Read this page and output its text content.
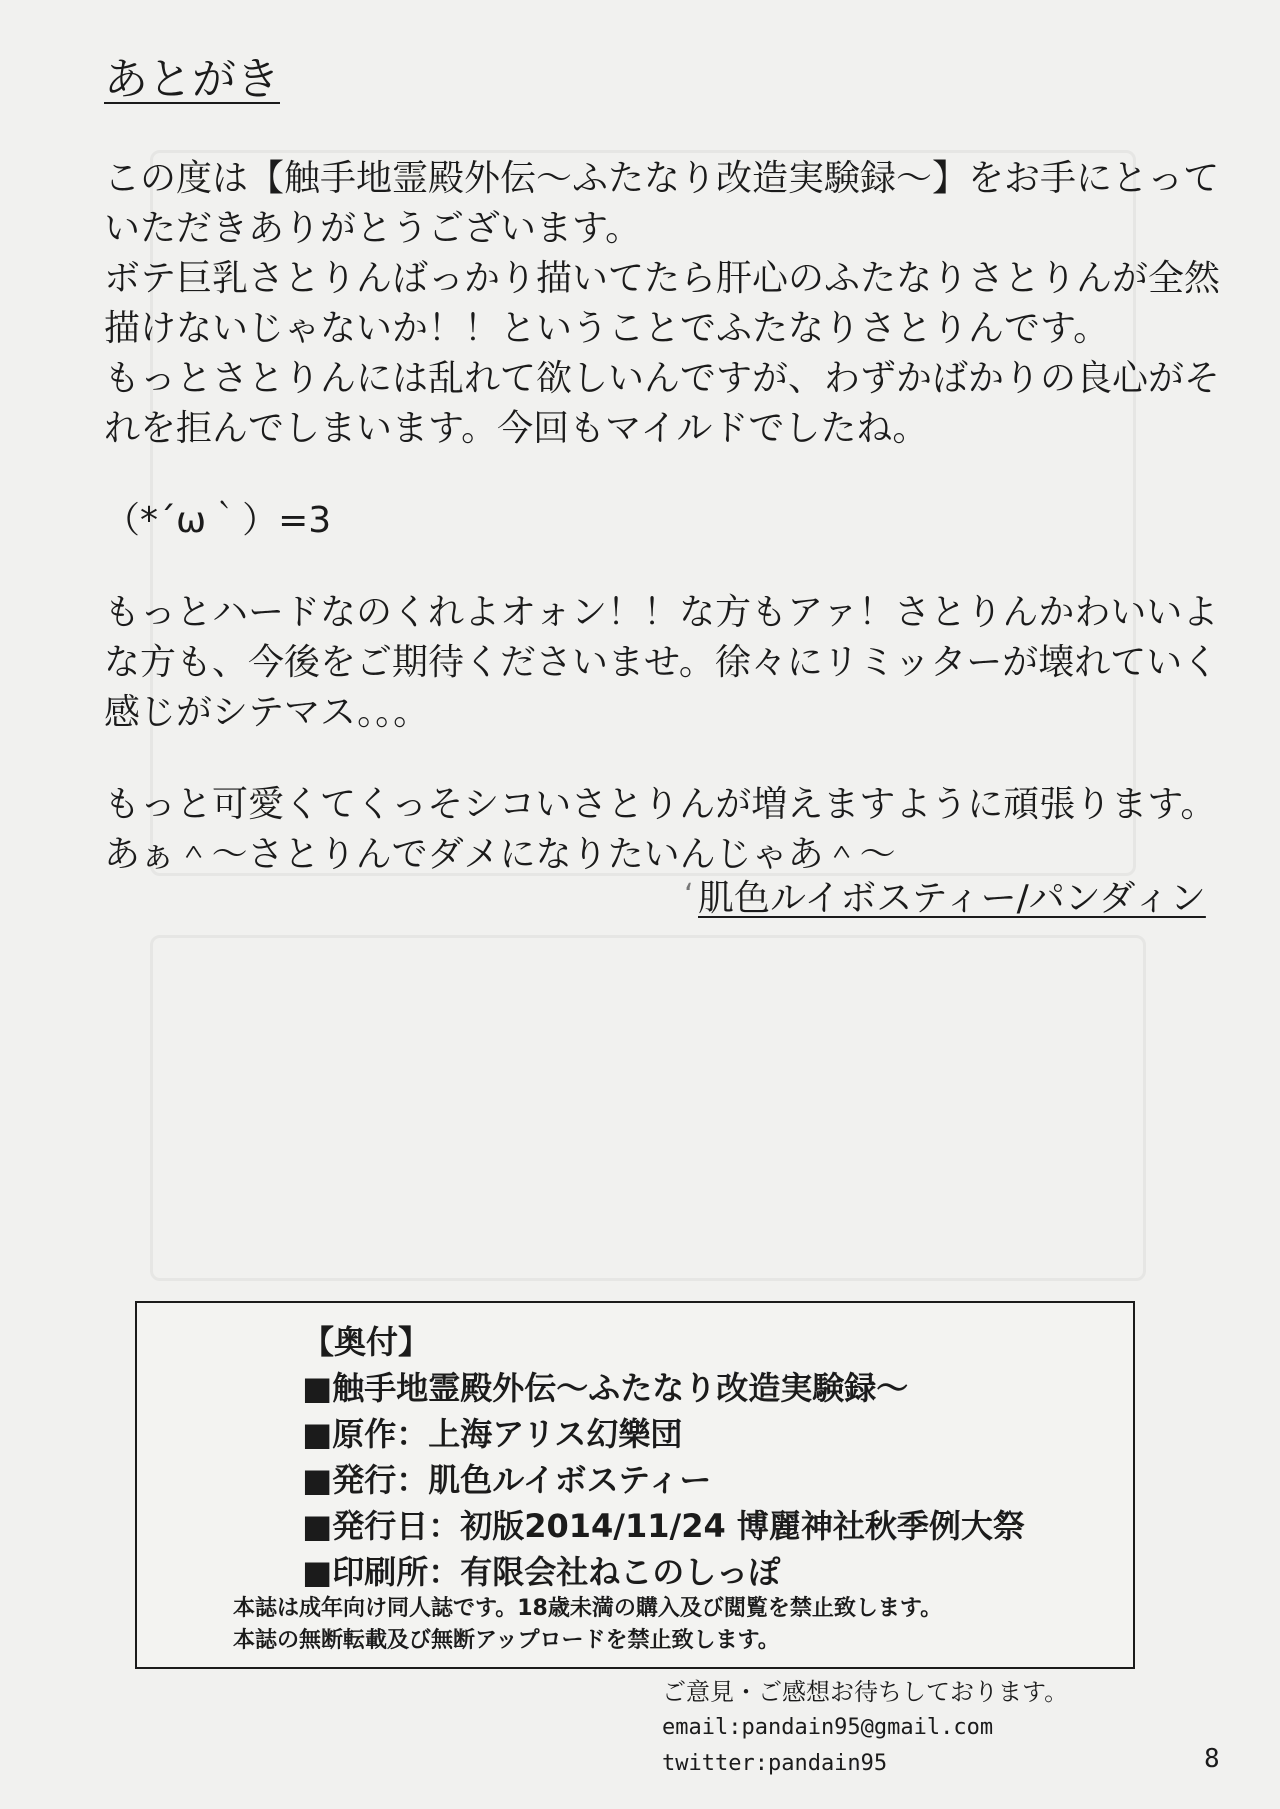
あとがき
この度は【触手地霊殿外伝～ふたなり改造実験録～】をお手にとって
いただきありがとうございます。
ボテ巨乳さとりんばっかり描いてたら肝心のふたなりさとりんが全然
描けないじゃないか！！ということでふたなりさとりんです。
もっとさとりんには乱れて欲しいんですが、わずかばかりの良心がそ
れを拒んでしまいます。今回もマイルドでしたね。
（*´ω｀）=3
もっとハードなのくれよオォン！！な方もアァ！さとりんかわいいよ
な方も、今後をご期待くださいませ。徐々にリミッターが壊れていく
感じがシテマス。。。
もっと可愛くてくっそシコいさとりんが増えますように頑張ります。
あぁ＾～さとりんでダメになりたいんじゃあ＾～
‘ 肌色ルイボスティー/パンダィン
【奥付】
■触手地霊殿外伝～ふたなり改造実験録～
■原作：上海アリス幻樂団
■発行：肌色ルイボスティー
■発行日：初版2014/11/24 博麗神社秋季例大祭
■印刷所：有限会社ねこのしっぽ
本誌は成年向け同人誌です。18歳未満の購入及び閲覧を禁止致します。
本誌の無断転載及び無断アップロードを禁止致します。
ご意見・ご感想お待ちしております。
email:pandain95@gmail.com
twitter:pandain95	8
